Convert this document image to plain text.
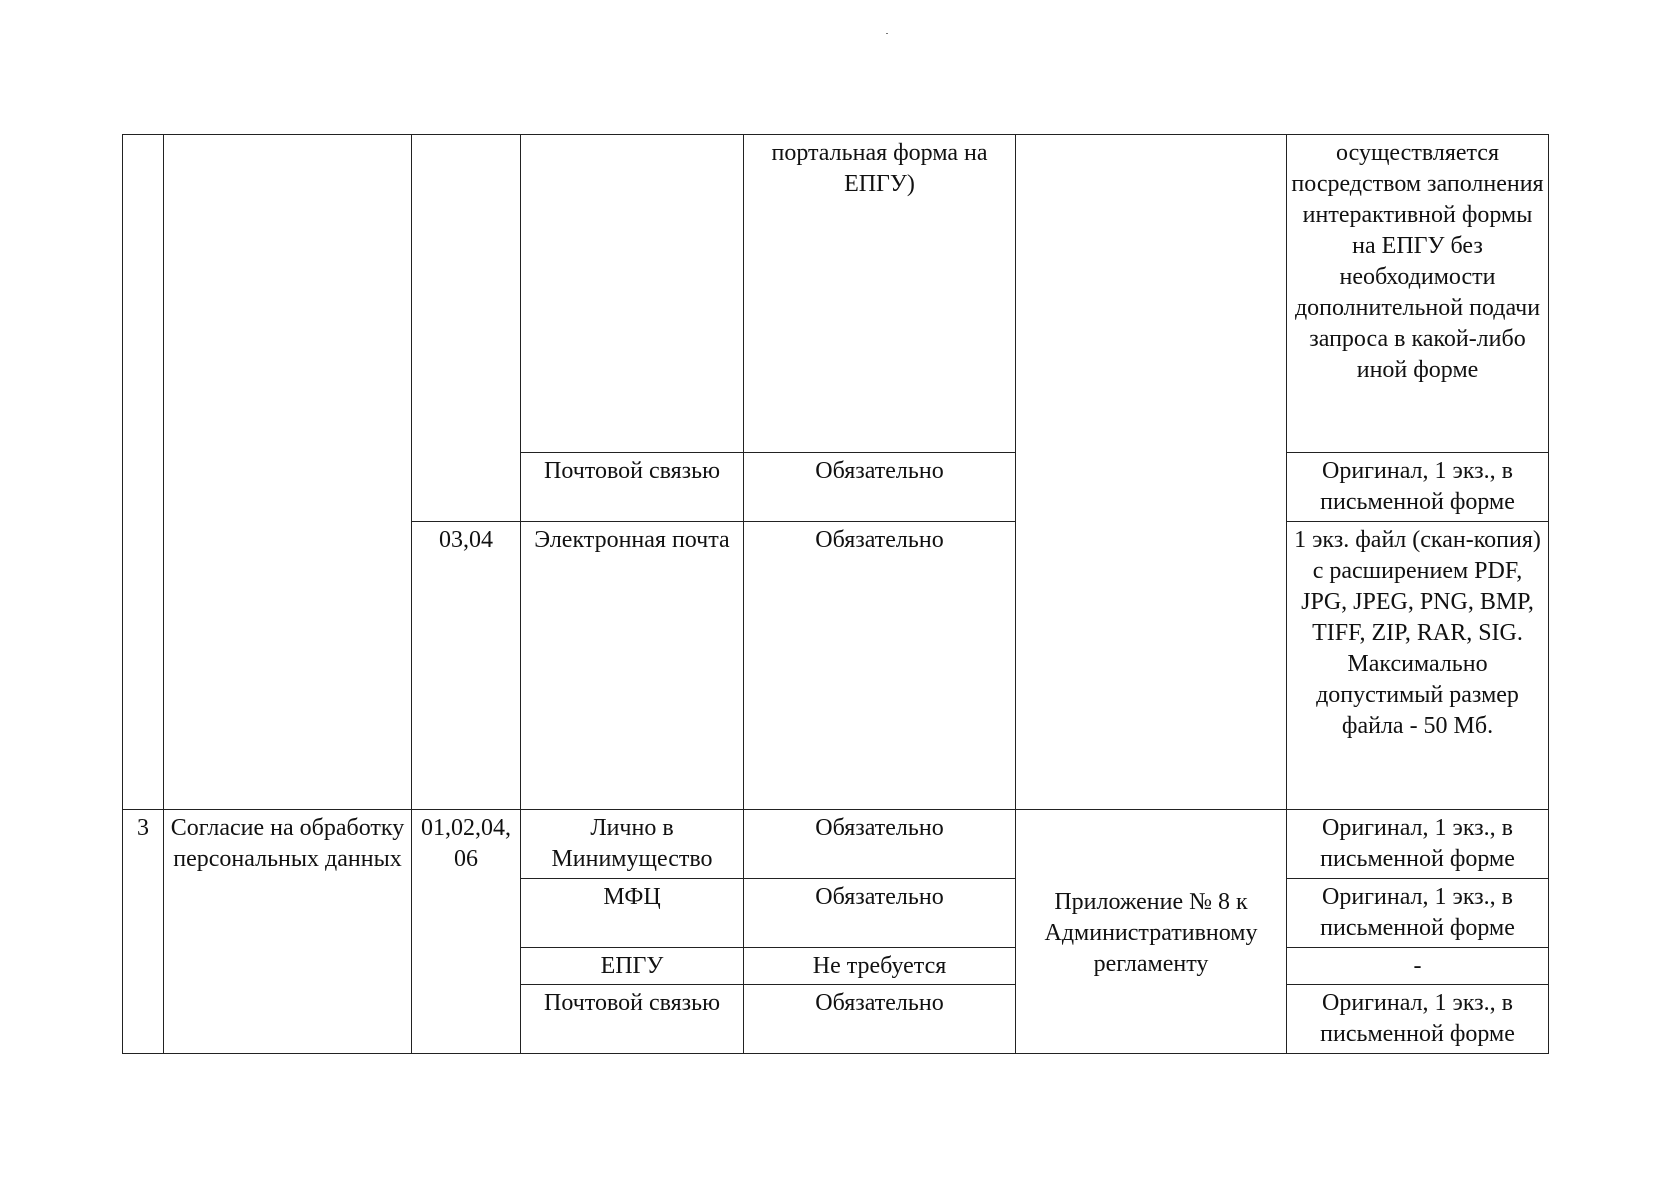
				портальная форма на ЕПГУ)		осуществляется посредством заполнения интерактивной формы на ЕПГУ без необходимости дополнительной подачи запроса в какой-либо иной форме
			Почтовой связью	Обязательно		Оригинал, 1 экз., в письменной форме
		03,04	Электронная почта	Обязательно		1 экз. файл (скан-копия) с расширением PDF, JPG, JPEG, PNG, BMP, TIFF, ZIP, RAR, SIG. Максимально допустимый размер файла - 50 Мб.
3	Согласие на обработку персональных данных	01,02,04, 06	Лично в Минимущество	Обязательно	Приложение № 8 к Административному регламенту	Оригинал, 1 экз., в письменной форме
			МФЦ	Обязательно		Оригинал, 1 экз., в письменной форме
			ЕПГУ	Не требуется		-
			Почтовой связью	Обязательно		Оригинал, 1 экз., в письменной форме
